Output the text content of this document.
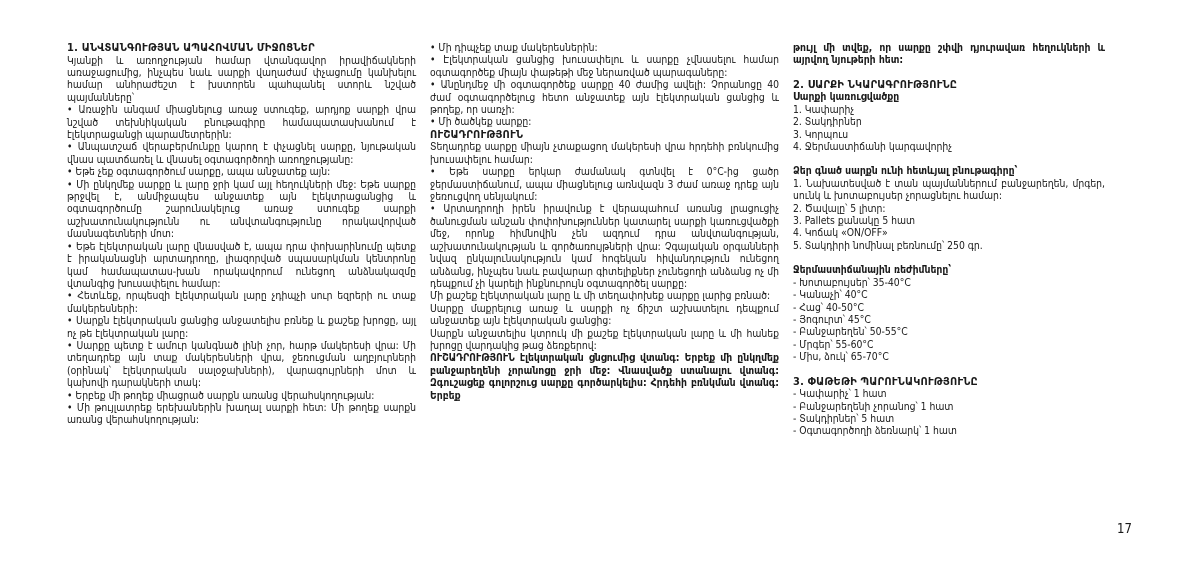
1. ԱՆՎՏԱՆԳՈՒԹՅԱՆ ԱՊԱՀՈՎՄԱՆ ՄԻՋՈՑՆԵՐ

Կյանքի և առողջության համար վտանգավոր իրավիճակների առաջացումից, ինչպես նաև սարքի վաղաժամ փչացումը կանխելու համար անհրաժեշտ է խստորեն պահպանել ստորև նշված պայմանները՝

• Առաջին անգամ միացնելուց առաջ ստուգեք, արդյոք սարքի վրա նշված տեխնիկական բնութագիրը համապատասխանում է էլեկտրացանցի պարամետրերին:

• Անպատշաճ վերաբերմունքը կարող է փչացնել սարքը, նյութական վնաս պատճառել և վնասել օգտագործողի առողջությանը:

• Եթե չեք օգտագործում սարքը, ապա անջատեք այն:

• Մի ընկղմեք սարքը և լարը ջրի կամ այլ հեղուկների մեջ: Եթե սարքը թրջվել է, անմիջապես անջատեք այն էլեկտրացանցից և օգտագործումը շարունակելուց առաջ ստուգեք սարքի աշխատունակությունն ու անվտանգությունը որակավորված մասնագետների մոտ:

• Եթե էլեկտրական լարը վնասված է, ապա դրա փոխարինումը պետք է իրականացնի արտադրողը, լիազորված սպասարկման կենտրոնը կամ համապատաս-խան որակավորում ունեցող անձնակազմը վտանգից խուսափելու համար:

• Հետևեք, որպեսզի էլեկտրական լարը չդիպչի սուր եզրերի ու տաք մակերեսների:

• Սարքն էլեկտրական ցանցից անջատելիս բռնեք և քաշեք խրոցը, այլ ոչ թե էլեկտրական լարը:

• Սարքը պետք է ամուր կանգնած լինի չոր, հարթ մակերեսի վրա: Մի տեղադրեք այն տաք մակերեսների վրա, ջեռուցման աղբյուրների (օրինակ՝ էլեկտրական սալօջախների), վարագույրների մոտ և կախովի դարակների տակ:

• Երբեք մի թողեք միացրած սարքն առանց վերահսկողության:

• Մի թույլատրեք երեխաներին խաղալ սարքի հետ: Մի թողեք սարքն առանց վերահսկողության:

• Մի դիպչեք տաք մակերեսներին:

• Էլեկտրական ցանցից խուսափելու և սարքը չվնասելու համար օգտագործեք միայն փաթեթի մեջ ներառված պարագաները:

• Անընդմեջ մի օգտագործեք սարքը 40 ժամից ավելի: Չորանոցը 40 ժամ օգտագործելուց հետո անջատեք այն էլեկտրական ցանցից և թողեք, որ սառչի:

• Մի ծածկեք սարքը:

ՈՒՇԱԴՐՈՒԹՅՈՒՆ

Տեղադրեք սարքը միայն չտաքացող մակերեսի վրա հրդեհի բռնկումից խուսափելու համար:

• Եթե սարքը երկար ժամանակ գտնվել է 0°C-ից ցածր ջերմաստիճանում, ապա միացնելուց առնվազն 3 ժամ առաջ դրեք այն ջեռուցվող սենյակում:

• Արտադրողի իրեն իրավունք է վերապահում առանց լրացուցիչ ծանուցման անշան փոփոխություններ կատարել սարքի կառուցվածքի մեջ, որոնք հիմնովին չեն ազդում դրա անվտանգության, աշխատունակության և գործառույթների վրա: Չգայական օրգանների նվազ ընկալունակություն կամ հոգեկան հիվանդություն ունեցող անձանց, ինչպես նաև բավարար գիտելիքներ չունեցողի անձանց ոչ մի դեպքում չի կարելի ինքնուրույն օգտագործել սարքը:

Մի քաշեք էլեկտրական լարը և մի տեղափոխեք սարքը լարից բռնած:

Սարքը մաքրելուց առաջ և սարքի ոչ ճիշտ աշխատելու դեպքում անջատեք այն էլեկտրական ցանցից:

Սարքն անջատելիս կտրուկ մի քաշեք էլեկտրական լարը և մի հանեք խրոցը վարդակից թաց ձեռքերով:

ՈՒՇԱԴՐՈՒԹՅՈՒՆ էլեկտրական ցնցումից վտանգ: Երբեք մի ընկղմեք բանջարեղենի չորանոցը ջրի մեջ: Վնասվածք ստանալու վտանգ: Զգուշացեք գոլորշուց սարքը գործարկելիս: Հրդեհի բռնկման վտանգ: Երբեք

թույլ մի տվեք, որ սարքը շփվի դյուրավառ հեղուկների և այրվող նյութերի հետ:

2. ՍԱՐՔԻ ՆԿԱՐԱԳՐՈՒԹՅՈՒՆԸ

Սարքի կառուցվածքը

1. Կափարիչ

2. Տակդիրներ

3. Կորպուս

4. Ջերմաստիճանի կարգավորիչ

Ձեր գնած սարքն ունի հետևյալ բնութագիրը՝

1. Նախատեսված է տան պայմաններում բանջարեղեն, մրգեր, սունկ և խոտաբույսեր չորացնելու համար:

2. Ծավալը՝ 5 լիտր:

3. Pallets քանակը 5 հատ

4. Կոճակ «ON/OFF»

5. Տակդիրի նոմինալ բեռնումը՝ 250 գր.

Ջերմաստիճանային ռեժիմները՝

- Խոտաբույսեր՝ 35-40°C

- Կանաչի՝ 40°C

- Հաց՝ 40-50°C

- Յոգուրտ՝ 45°C

- Բանջարեղեն՝ 50-55°C

- Մրգեր՝ 55-60°C

- Միս, ձուկ՝ 65-70°C

3. ՓԱԹԵԹԻ ՊԱՐՈՒՆԱԿՈՒԹՅՈՒՆԸ

- Կափարիչ՝ 1 հատ

- Բանջարեղենի չորանոց՝ 1 հատ

- Տակդիրներ՝ 5 հատ

- Օգտագործողի ձեռնարկ՝ 1 հատ

17
